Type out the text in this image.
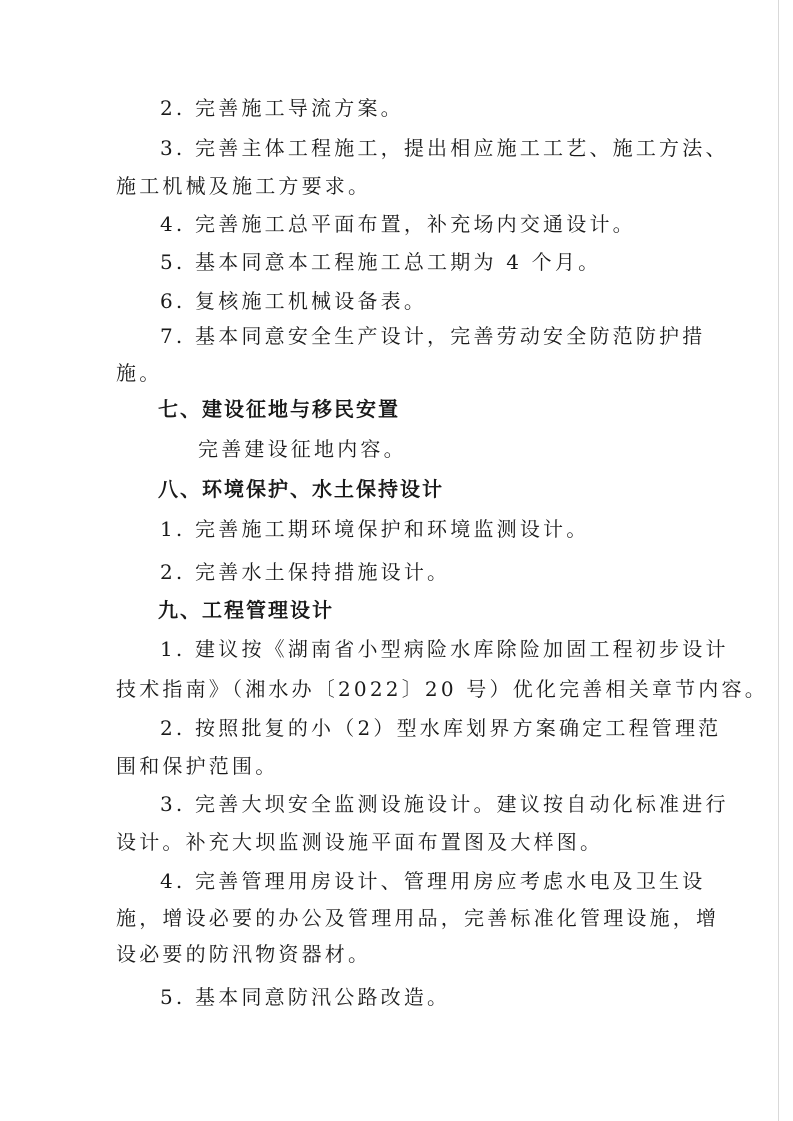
2. 完善施工导流方案。

3. 完善主体工程施工，提出相应施工工艺、施工方法、

施工机械及施工方要求。

4. 完善施工总平面布置，补充场内交通设计。

5. 基本同意本工程施工总工期为 4 个月。

6. 复核施工机械设备表。

7. 基本同意安全生产设计，完善劳动安全防范防护措

施。

七、建设征地与移民安置

完善建设征地内容。

八、环境保护、水土保持设计

1. 完善施工期环境保护和环境监测设计。

2. 完善水土保持措施设计。

九、工程管理设计

1. 建议按《湖南省小型病险水库除险加固工程初步设计

技术指南》（湘水办〔2022〕20 号）优化完善相关章节内容。

2. 按照批复的小（2）型水库划界方案确定工程管理范

围和保护范围。

3. 完善大坝安全监测设施设计。建议按自动化标准进行

设计。补充大坝监测设施平面布置图及大样图。

4. 完善管理用房设计、管理用房应考虑水电及卫生设

施，增设必要的办公及管理用品，完善标准化管理设施，增

设必要的防汛物资器材。

5. 基本同意防汛公路改造。
